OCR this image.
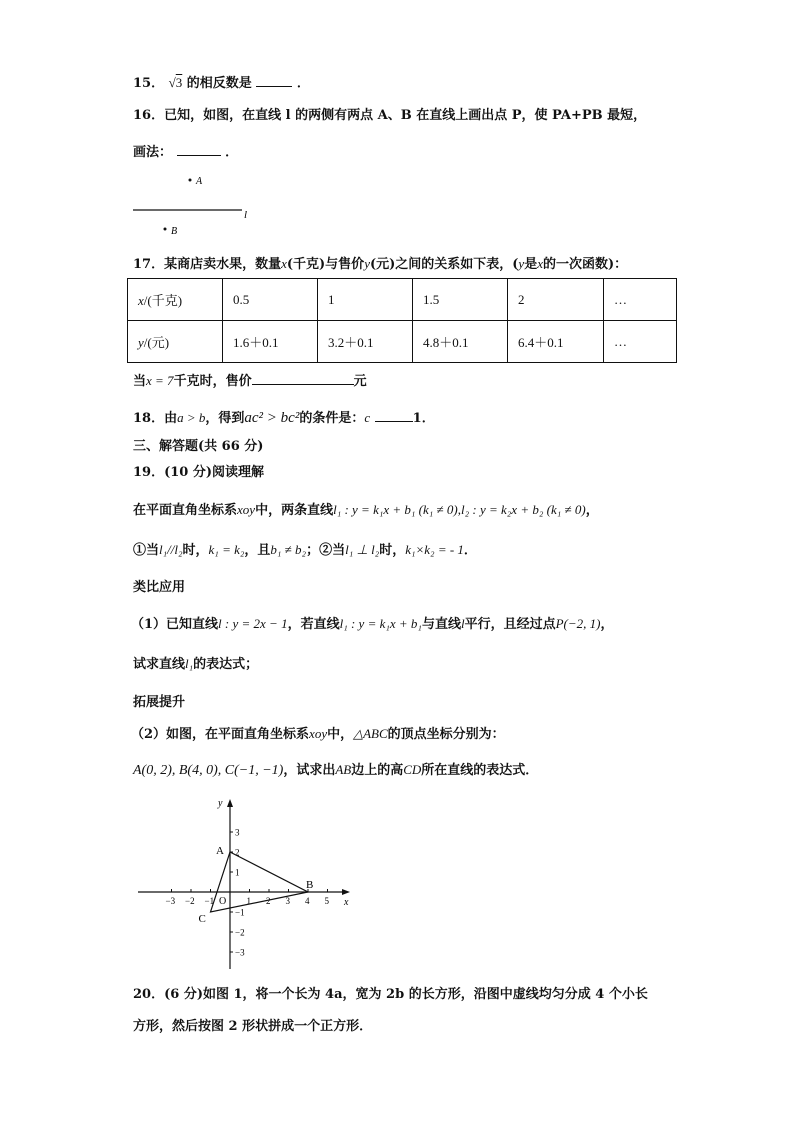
15． √3 的相反数是	．
16．已知，如图，在直线 l 的两侧有两点 A、B 在直线上画出点 P，使 PA+PB 最短，
画法：	．
A
l
B
17．某商店卖水果，数量x(千克)与售价y(元)之间的关系如下表，(y是x的一次函数)：
x/(千克)	0.5	1	1.5	2	…
y/(元)	1.6＋0.1	3.2＋0.1	4.8＋0.1	6.4＋0.1	…
当x = 7千克时，售价	元
18．由a > b，得到ac² > bc²的条件是：c	1．
三、解答题(共 66 分)
19．(10 分)阅读理解
在平面直角坐标系xoy中，两条直线l₁ : y = k₁x + b₁ (k₁ ≠ 0),l₂ : y = k₂x + b₂ (k₁ ≠ 0)，
①当l₁//l₂时，k₁ = k₂，且b₁ ≠ b₂；②当l₁ ⊥ l₂时，k₁×k₂ = - 1．
类比应用
（1）已知直线l : y = 2x − 1，若直线l₁ : y = k₁x + b₁与直线l平行，且经过点P(−2, 1)，
试求直线l₁的表达式；
拓展提升
（2）如图，在平面直角坐标系xoy中，△ABC的顶点坐标分别为：
A(0, 2), B(4, 0), C(−1, −1)，试求出AB边上的高CD所在直线的表达式．
x
y
−3 −2 −1	1 2 3 4 5
3
2
1
−1
−2
−3
O
A
B
C
20．(6 分)如图 1，将一个长为 4a，宽为 2b 的长方形，沿图中虚线均匀分成 4 个小长
方形，然后按图 2 形状拼成一个正方形．
